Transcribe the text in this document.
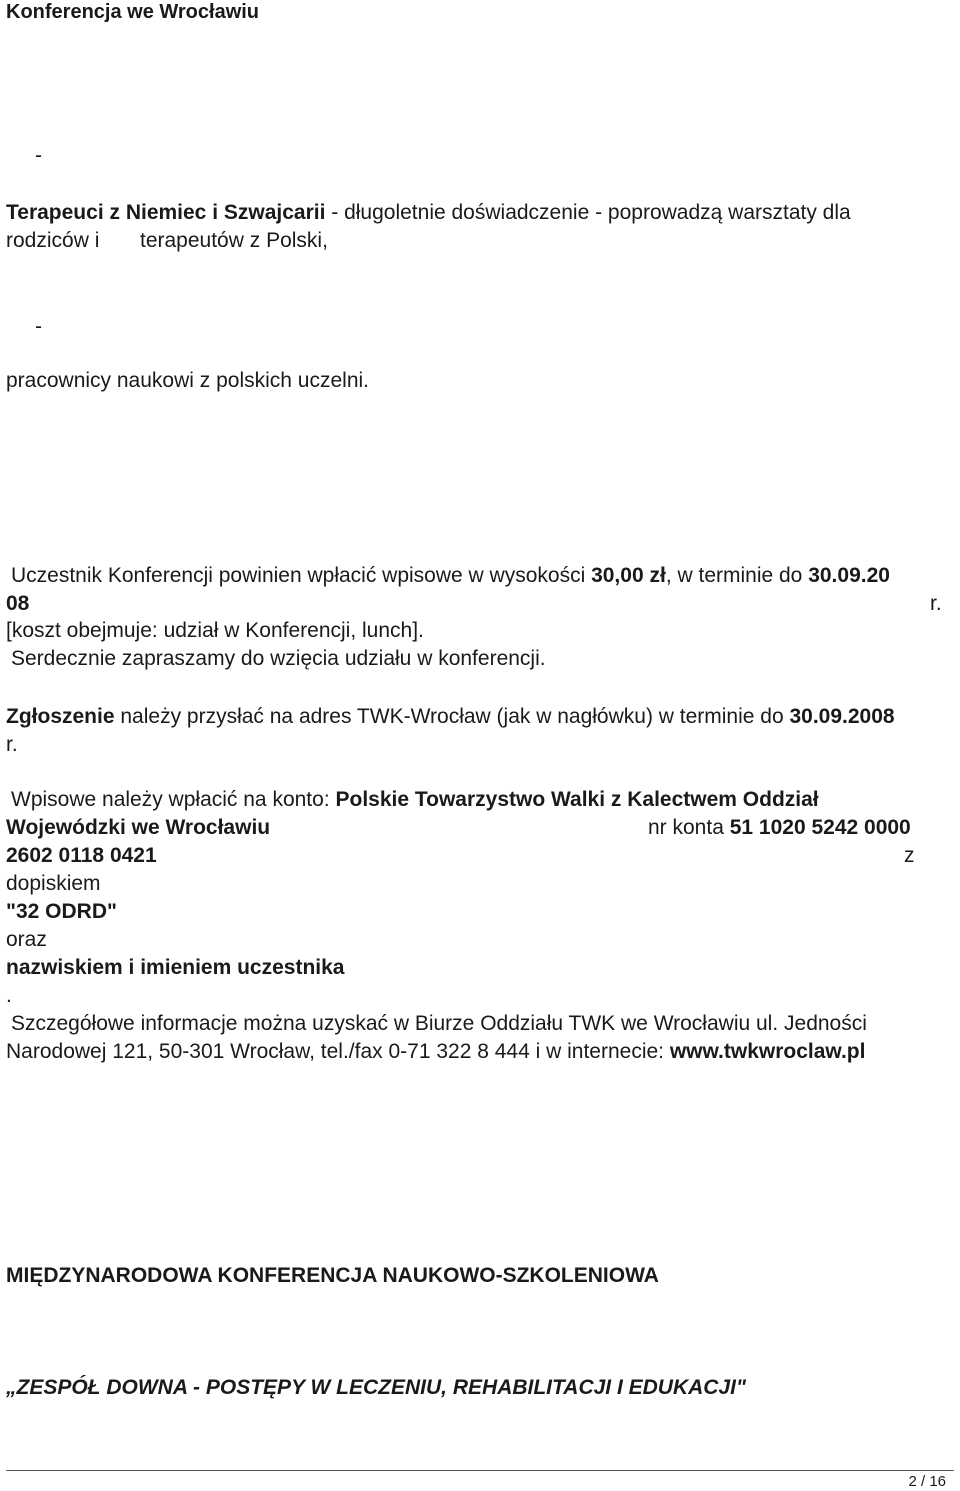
Konferencja we Wrocławiu
-
Terapeuci z Niemiec i Szwajcarii - długoletnie doświadczenie - poprowadzą warsztaty dla
rodziców i terapeutów z Polski,
-
pracownicy naukowi z polskich uczelni.
Uczestnik Konferencji powinien wpłacić wpisowe w wysokości 30,00 zł, w terminie do 30.09.20
08	r.
[koszt obejmuje: udział w Konferencji, lunch].
Serdecznie zapraszamy do wzięcia udziału w konferencji.
Zgłoszenie należy przysłać na adres TWK-Wrocław (jak w nagłówku) w terminie do 30.09.2008
r.
Wpisowe należy wpłacić na konto: Polskie Towarzystwo Walki z Kalectwem Oddział
Wojewódzki we Wrocławiu	nr konta 51 1020 5242 0000
2602 0118 0421	z
dopiskiem
"32 ODRD"
oraz
nazwiskiem i imieniem uczestnika
.
Szczegółowe informacje można uzyskać w Biurze Oddziału TWK we Wrocławiu ul. Jedności
Narodowej 121, 50-301 Wrocław, tel./fax 0-71 322 8 444 i w internecie: www.twkwroclaw.pl
MIĘDZYNARODOWA KONFERENCJA NAUKOWO-SZKOLENIOWA
„ZESPÓŁ DOWNA - POSTĘPY W LECZENIU, REHABILITACJI I EDUKACJI"
2 / 16
